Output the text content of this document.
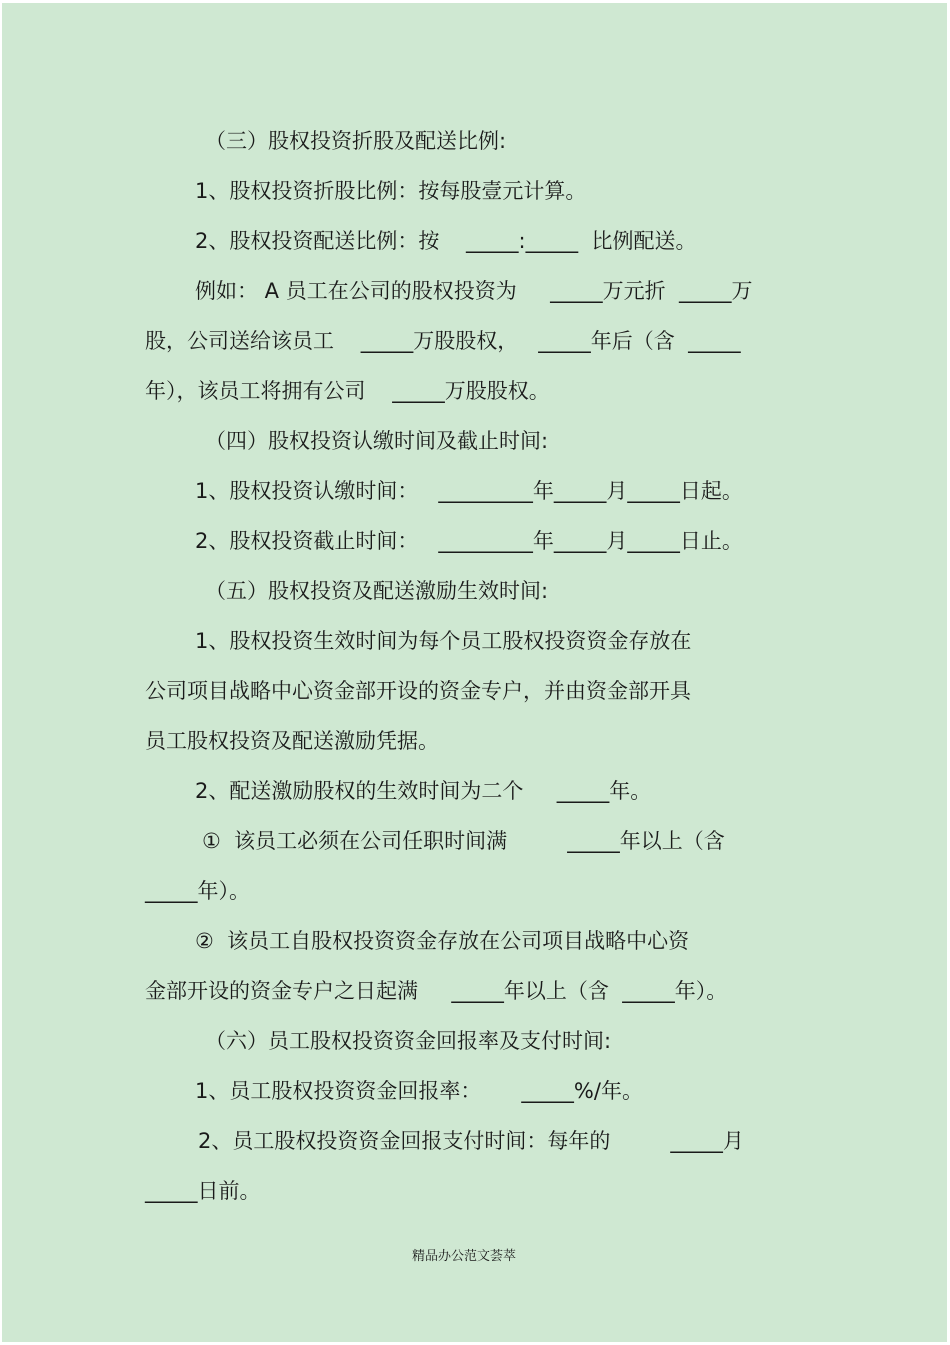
（三）股权投资折股及配送比例:
1、股权投资折股比例：按每股壹元计算。
2、股权投资配送比例：按    _____:_____  比例配送。
例如： A 员工在公司的股权投资为     _____万元折  _____万
股，公司送给该员工    _____万股股权，   _____年后（含  _____
年），该员工将拥有公司    _____万股股权。
（四）股权投资认缴时间及截止时间:
1、股权投资认缴时间：   _________年_____月_____日起。
2、股权投资截止时间：   _________年_____月_____日止。
（五）股权投资及配送激励生效时间:
1、股权投资生效时间为每个员工股权投资资金存放在
公司项目战略中心资金部开设的资金专户，并由资金部开具
员工股权投资及配送激励凭据。
2、配送激励股权的生效时间为二个     _____年。
①  该员工必须在公司任职时间满         _____年以上（含
_____年）。
②  该员工自股权投资资金存放在公司项目战略中心资
金部开设的资金专户之日起满     _____年以上（含  _____年）。
（六）员工股权投资资金回报率及支付时间:
1、员工股权投资资金回报率：      _____%/年。
2、员工股权投资资金回报支付时间：每年的         _____月
_____日前。
精品办公范文荟萃
